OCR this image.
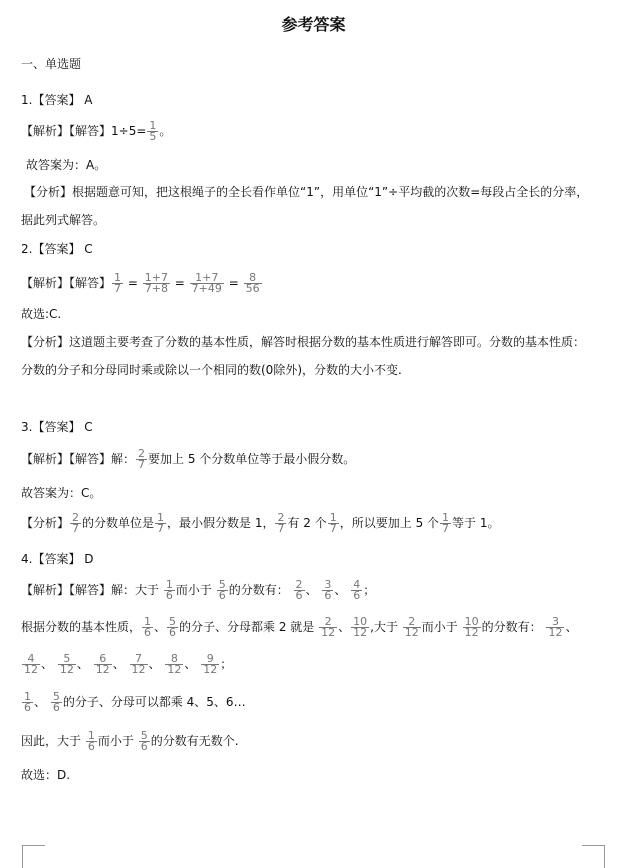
参考答案
一、单选题
1.【答案】 A
【解析】【解答】$1\div 5= \frac{1}{5}$ 。
故答案为：A。
【分析】根据题意可知，把这根绳子的全长看作单位“1”，用单位“1”÷平均截的次数=每段占全长的分率，
据此列式解答。
2.【答案】 C
【解析】【解答】 $\frac{1}{7} = \frac{1+7}{7+8} = \frac{1+7}{7+49} = \frac{8}{56}$
故选:C.
【分析】这道题主要考查了分数的基本性质，解答时根据分数的基本性质进行解答即可。分数的基本性质：
分数的分子和分母同时乘或除以一个相同的数(0除外)，分数的大小不变.
3.【答案】 C
【解析】【解答】解： $\frac{2}{7}$ 要加上 5 个分数单位等于最小假分数。
故答案为：C。
【分析】 $\frac{2}{7}$ 的分数单位是 $\frac{1}{7}$ ，最小假分数是 1， $\frac{2}{7}$ 有 2 个 $\frac{1}{7}$ ，所以要加上 5 个 $\frac{1}{7}$ 等于 1。
4.【答案】 D
【解析】【解答】解：大于 $\frac{1}{6}$ 而小于 $\frac{5}{6}$ 的分数有： $\frac{2}{6}$ 、 $\frac{3}{6}$ 、 $\frac{4}{6}$ ；
根据分数的基本性质， $\frac{1}{6}$ 、 $\frac{5}{6}$ 的分子、分母都乘 2 就是 $\frac{2}{12}$ 、 $\frac{10}{12}$ ,大于 $\frac{2}{12}$ 而小于 $\frac{10}{12}$ 的分数有： $\frac{3}{12}$ 、
$\frac{4}{12}$ 、 $\frac{5}{12}$ 、 $\frac{6}{12}$ 、 $\frac{7}{12}$ 、 $\frac{8}{12}$ 、 $\frac{9}{12}$ ；
$\frac{1}{6}$ 、 $\frac{5}{6}$ 的分子、分母可以都乘 4、5、6…
因此，大于 $\frac{1}{6}$ 而小于 $\frac{5}{6}$ 的分数有无数个.
故选：D.
